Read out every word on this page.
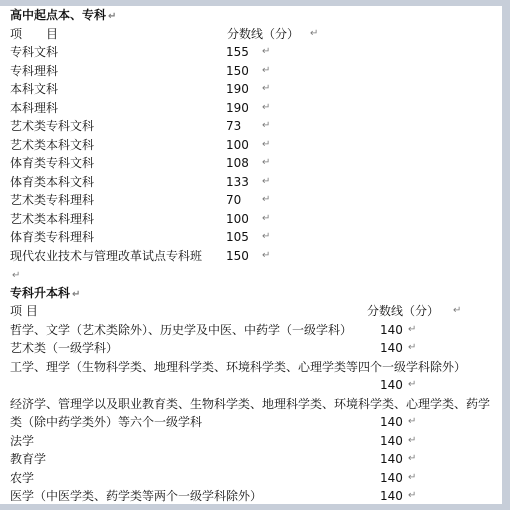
高中起点本、专科 ↵
项　　目	分数线（分） ↵
专科文科	155	↵
专科理科	150	↵
本科文科	190	↵
本科理科	190	↵
艺术类专科文科	73	↵
艺术类本科文科	100	↵
体育类专科文科	108	↵
体育类本科文科	133	↵
艺术类专科理科	70	↵
艺术类本科理科	100	↵
体育类专科理科	105	↵
现代农业技术与管理改革试点专科班 150	↵
↵
专科升本科 ↵
项 目	分数线（分） ↵
哲学、文学（艺术类除外）、历史学及中医、中药学（一级学科） 140 ↵
艺术类（一级学科）	140 ↵
工学、理学（生物科学类、地理科学类、环境科学类、心理学类等四个一级学科除外）
140 ↵
经济学、管理学以及职业教育类、生物科学类、地理科学类、环境科学类、心理学类、药学
类（除中药学类外）等六个一级学科	140 ↵
法学	140 ↵
教育学	140 ↵
农学	140 ↵
医学（中医学类、药学类等两个一级学科除外）	140 ↵
